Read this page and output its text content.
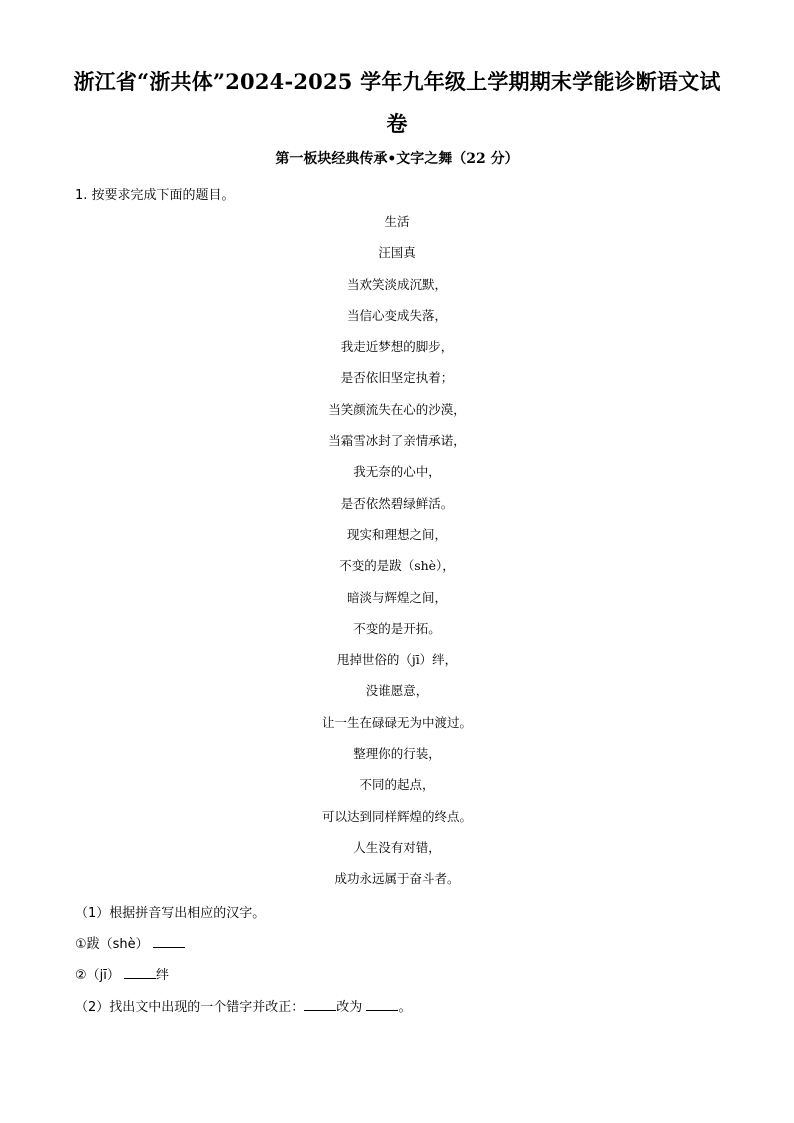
浙江省“浙共体”2024-2025 学年九年级上学期期末学能诊断语文试
卷
第一板块经典传承•文字之舞（22 分）
1. 按要求完成下面的题目。
生活
汪国真
当欢笑淡成沉默，
当信心变成失落，
我走近梦想的脚步，
是否依旧坚定执着；
当笑颜流失在心的沙漠，
当霜雪冰封了亲情承诺，
我无奈的心中，
是否依然碧绿鲜活。
现实和理想之间，
不变的是跋（shè），
暗淡与辉煌之间，
不变的是开拓。
甩掉世俗的（jī）绊，
没谁愿意，
让一生在碌碌无为中渡过。
整理你的行装，
不同的起点，
可以达到同样辉煌的终点。
人生没有对错，
成功永远属于奋斗者。
（1）根据拼音写出相应的汉字。
①跋（shè）
②（jī）	绊
（2）找出文中出现的一个错字并改正： 改为	。
